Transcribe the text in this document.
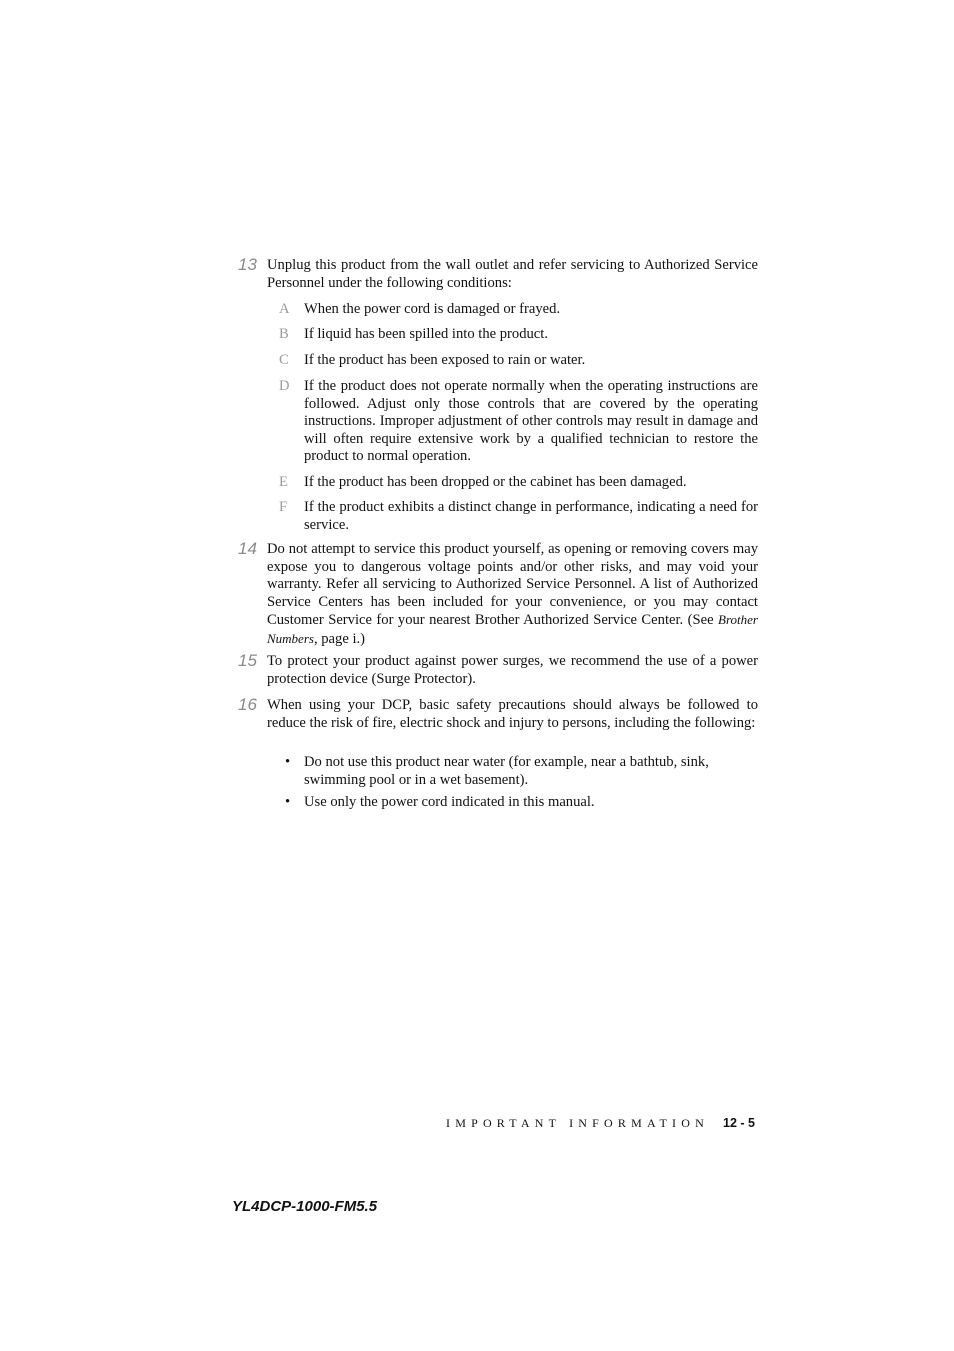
13 Unplug this product from the wall outlet and refer servicing to Authorized Service Personnel under the following conditions:
A When the power cord is damaged or frayed.
B	If liquid has been spilled into the product.
C	If the product has been exposed to rain or water.
D If the product does not operate normally when the operating instructions are followed. Adjust only those controls that are covered by the operating instructions. Improper adjustment of other controls may result in damage and will often require extensive work by a qualified technician to restore the product to normal operation.
E	If the product has been dropped or the cabinet has been damaged.
F	If the product exhibits a distinct change in performance, indicating a need for service.
14 Do not attempt to service this product yourself, as opening or removing covers may expose you to dangerous voltage points and/or other risks, and may void your warranty. Refer all servicing to Authorized Service Personnel. A list of Authorized Service Centers has been included for your convenience, or you may contact Customer Service for your nearest Brother Authorized Service Center. (See Brother Numbers, page i.)
15 To protect your product against power surges, we recommend the use of a power protection device (Surge Protector).
16 When using your DCP, basic safety precautions should always be followed to reduce the risk of fire, electric shock and injury to persons, including the following:
• Do not use this product near water (for example, near a bathtub, sink, swimming pool or in a wet basement).
• Use only the power cord indicated in this manual.
IMPORTANT INFORMATION 12 - 5
YL4DCP-1000-FM5.5
